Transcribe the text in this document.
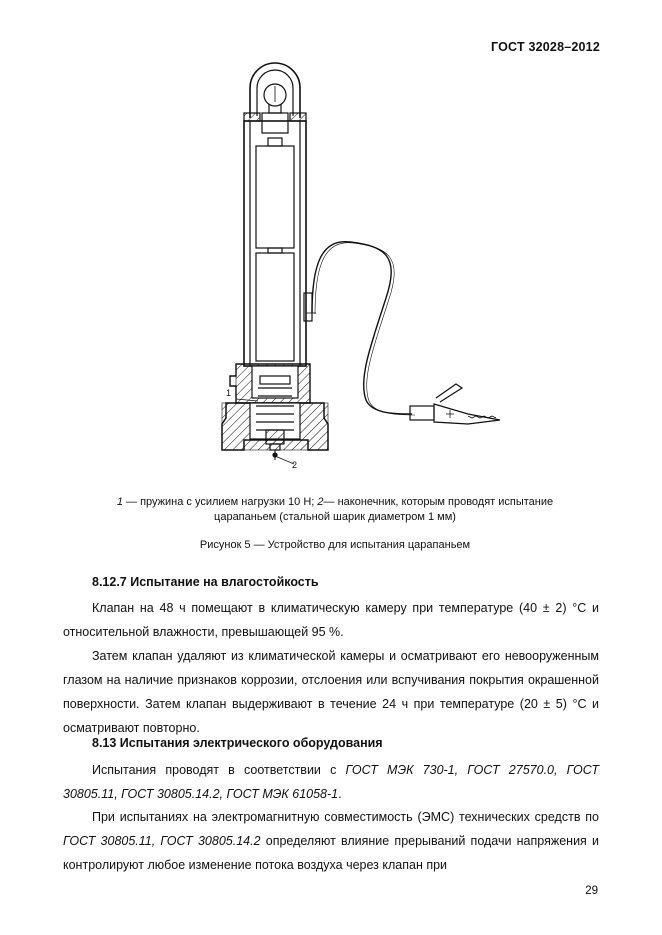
ГОСТ 32028–2012
1
2
1 — пружина с усилием нагрузки 10 Н; 2— наконечник, которым проводят испытание
царапаньем (стальной шарик диаметром 1 мм)
Рисунок 5 — Устройство для испытания царапаньем
8.12.7 Испытание на влагостойкость
Клапан на 48 ч помещают в климатическую камеру при температуре (40 ± 2) °С и относительной влажности, превышающей 95 %.
Затем клапан удаляют из климатической камеры и осматривают его невооруженным глазом на наличие признаков коррозии, отслоения или вспучивания покрытия окрашенной поверхности. Затем клапан выдерживают в течение 24 ч при температуре (20 ± 5) °С и осматривают повторно.
8.13 Испытания электрического оборудования
Испытания проводят в соответствии с ГОСТ МЭК 730-1, ГОСТ 27570.0, ГОСТ 30805.11, ГОСТ 30805.14.2, ГОСТ МЭК 61058-1.
При испытаниях на электромагнитную совместимость (ЭМС) технических средств по ГОСТ 30805.11, ГОСТ 30805.14.2 определяют влияние прерываний подачи напряжения и контролируют любое изменение потока воздуха через клапан при
29
